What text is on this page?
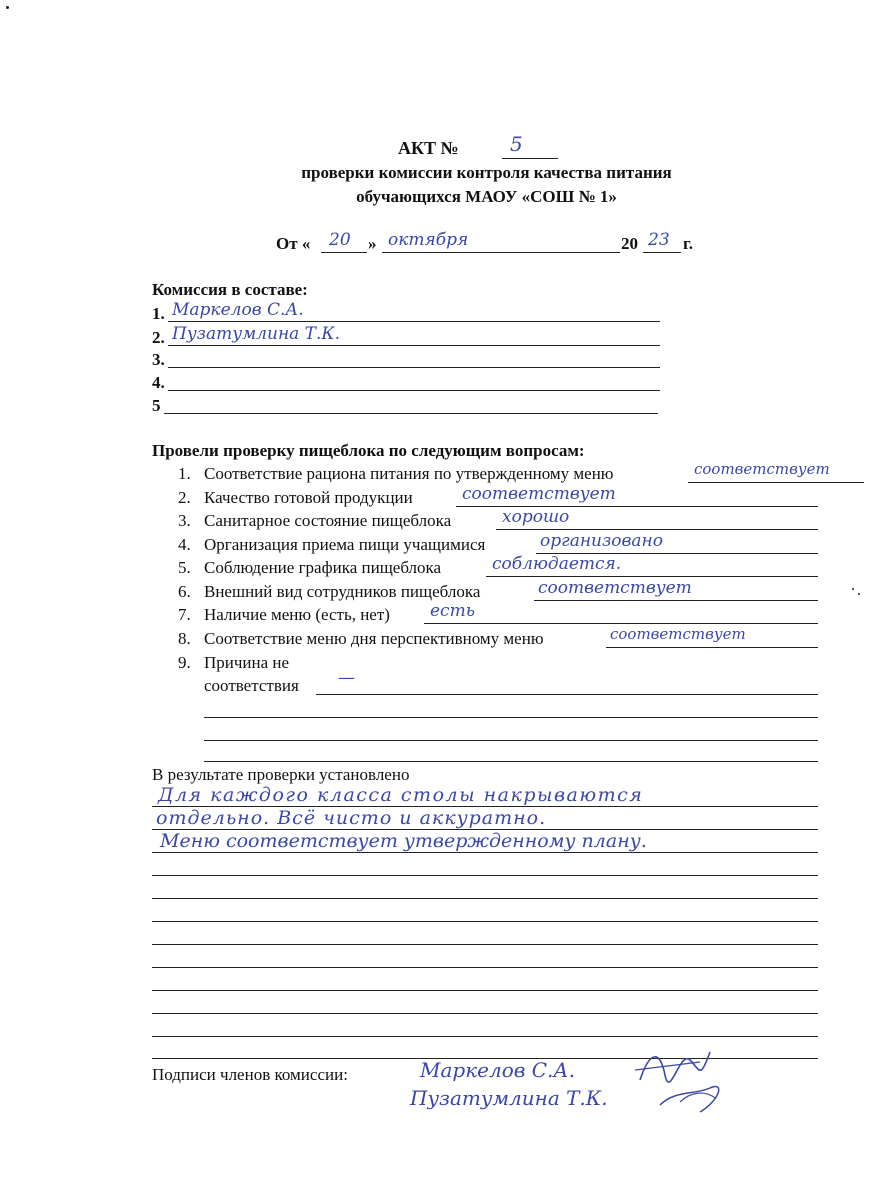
АКТ №	5
проверки комиссии контроля качества питания
обучающихся МАОУ «СОШ № 1»
От « 20 » октября	20 23 г.
Комиссия в составе:
1. Маркелов С.А.
2. Пузатумлина Т.К.
3.
4.
5
Провели проверку пищеблока по следующим вопросам:
1. Соответствие рациона питания по утвержденному меню	соответствует
2. Качество готовой продукции	соответствует
3. Санитарное состояние пищеблока	хорошо
4. Организация приема пищи учащимися	организовано
5. Соблюдение графика пищеблока	соблюдается.
6. Внешний вид сотрудников пищеблока	соответствует
7. Наличие меню (есть, нет) есть
8. Соответствие меню дня перспективному меню	соответствует
9. Причина не
соответствия —
В результате проверки установлено
Для каждого класса столы накрываются
отдельно. Всё чисто и аккуратно.
Меню соответствует утвержденному плану.
Подписи членов комиссии:	Маркелов С.А.
Пузатумлина Т.К.
